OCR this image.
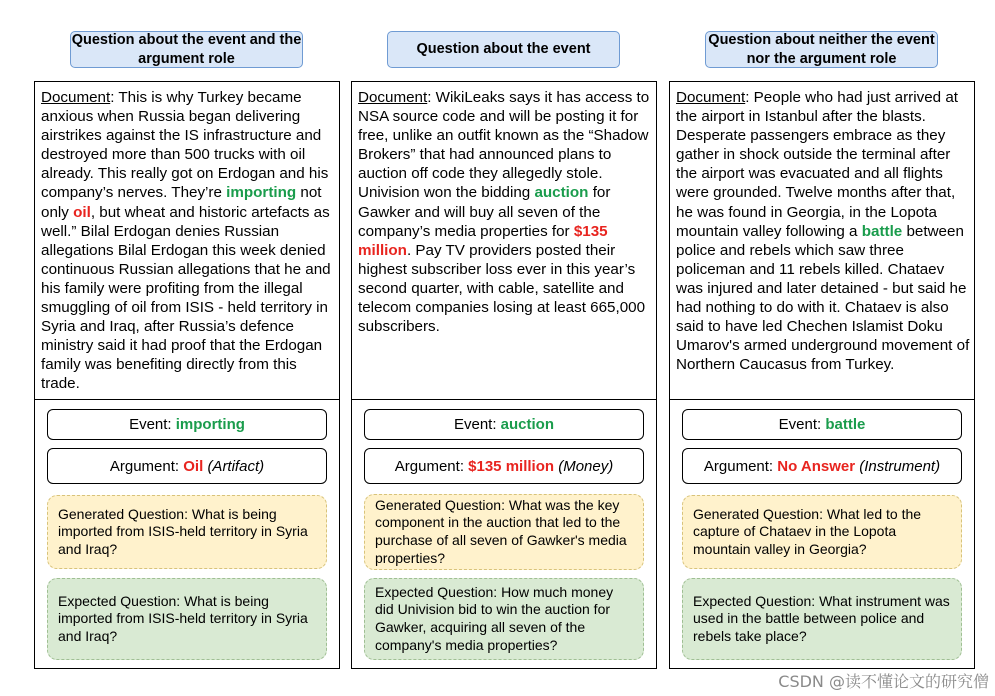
Question about the event and the argument role
Question about the event
Question about neither the event nor the argument role
Document: This is why Turkey became anxious when Russia began delivering airstrikes against the IS infrastructure and destroyed more than 500 trucks with oil already. This really got on Erdogan and his company’s nerves. They’re importing not only oil, but wheat and historic artefacts as well.” Bilal Erdogan denies Russian allegations Bilal Erdogan this week denied continuous Russian allegations that he and his family were profiting from the illegal smuggling of oil from ISIS - held territory in Syria and Iraq, after Russia’s defence ministry said it had proof that the Erdogan family was benefiting directly from this trade.
Event: importing
Argument: Oil
(Artifact)
Generated Question: What is being imported from ISIS-held territory in Syria and Iraq?
Expected Question: What is being imported from ISIS-held territory in Syria and Iraq?
Document: WikiLeaks says it has access to NSA source code and will be posting it for free, unlike an outfit known as the “Shadow Brokers” that had announced plans to auction off code they allegedly stole. Univision won the bidding auction for Gawker and will buy all seven of the company’s media properties for $135 million. Pay TV providers posted their highest subscriber loss ever in this year’s second quarter, with cable, satellite and telecom companies losing at least 665,000 subscribers.
Event: auction
Argument: $135 million
(Money)
Generated Question: What was the key component in the auction that led to the purchase of all seven of Gawker's media properties?
Expected Question: How much money did Univision bid to win the auction for Gawker, acquiring all seven of the company's media properties?
Document: People who had just arrived at the airport in Istanbul after the blasts. Desperate passengers embrace as they gather in shock outside the terminal after the airport was evacuated and all flights were grounded. Twelve months after that, he was found in Georgia, in the Lopota mountain valley following a battle between police and rebels which saw three policeman and 11 rebels killed. Chataev was injured and later detained - but said he had nothing to do with it. Chataev is also said to have led Chechen Islamist Doku Umarov's armed underground movement of Northern Caucasus from Turkey.
Event: battle
Argument: No Answer
(Instrument)
Generated Question: What led to the capture of Chataev in the Lopota mountain valley in Georgia?
Expected Question: What instrument was used in the battle between police and rebels take place?
CSDN @读不懂论文的研究僧
